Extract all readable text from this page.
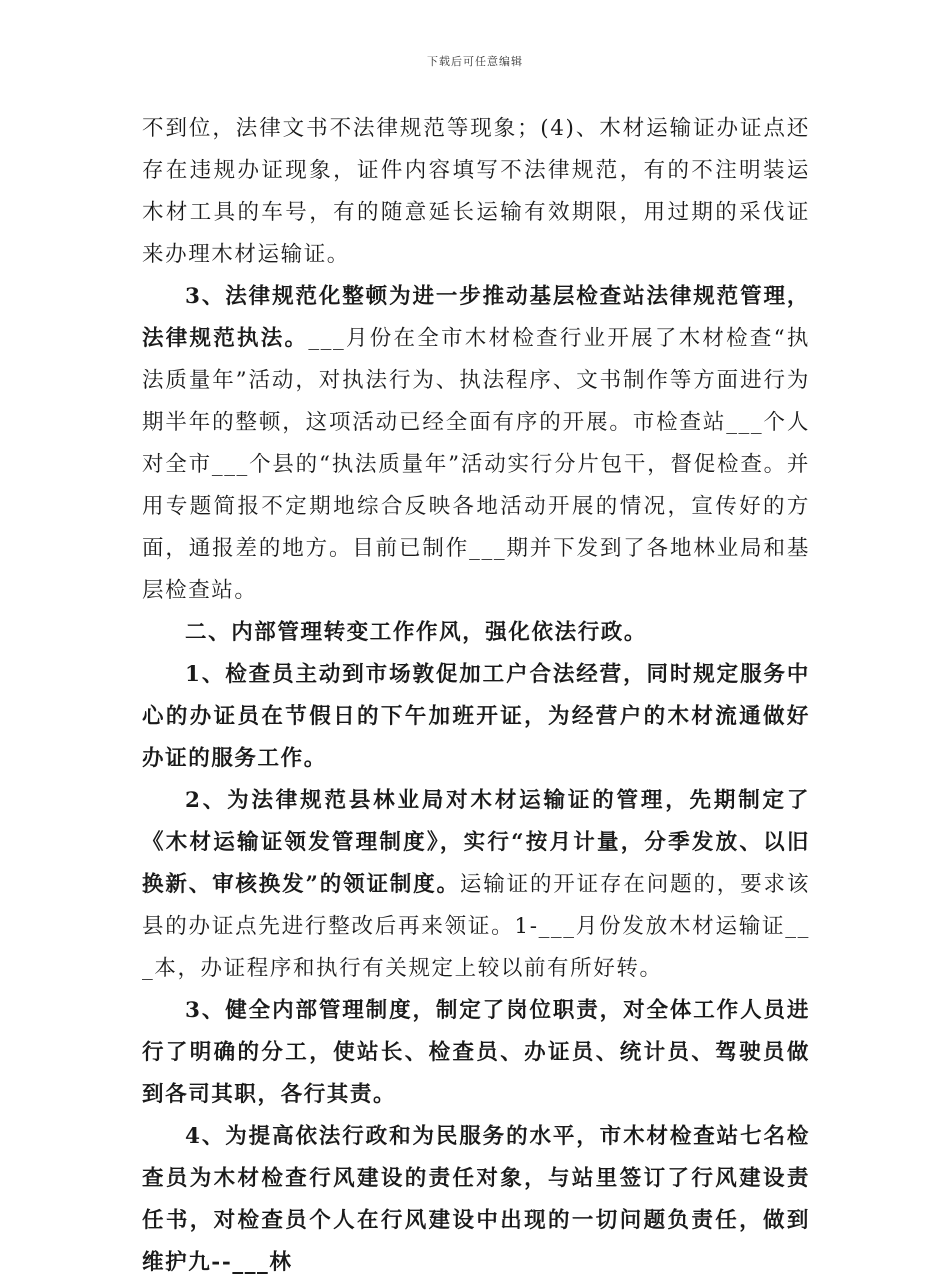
下载后可任意编辑

不到位，法律文书不法律规范等现象；(4)、木材运输证办证点还存在违规办证现象，证件内容填写不法律规范，有的不注明装运木材工具的车号，有的随意延长运输有效期限，用过期的采伐证来办理木材运输证。

3、法律规范化整顿为进一步推动基层检查站法律规范管理，法律规范执法。___月份在全市木材检查行业开展了木材检查“执法质量年”活动，对执法行为、执法程序、文书制作等方面进行为期半年的整顿，这项活动已经全面有序的开展。市检查站___个人对全市___个县的“执法质量年”活动实行分片包干，督促检查。并用专题简报不定期地综合反映各地活动开展的情况，宣传好的方面，通报差的地方。目前已制作___期并下发到了各地林业局和基层检查站。

二、内部管理转变工作作风，强化依法行政。

1、检查员主动到市场敦促加工户合法经营，同时规定服务中心的办证员在节假日的下午加班开证，为经营户的木材流通做好办证的服务工作。

2、为法律规范县林业局对木材运输证的管理，先期制定了《木材运输证领发管理制度》，实行“按月计量，分季发放、以旧换新、审核换发”的领证制度。运输证的开证存在问题的，要求该县的办证点先进行整改后再来领证。1-___月份发放木材运输证___本，办证程序和执行有关规定上较以前有所好转。

3、健全内部管理制度，制定了岗位职责，对全体工作人员进行了明确的分工，使站长、检查员、办证员、统计员、驾驶员做到各司其职，各行其责。

4、为提高依法行政和为民服务的水平，市木材检查站七名检查员为木材检查行风建设的责任对象，与站里签订了行风建设责任书，对检查员个人在行风建设中出现的一切问题负责任，做到维护九--___林
